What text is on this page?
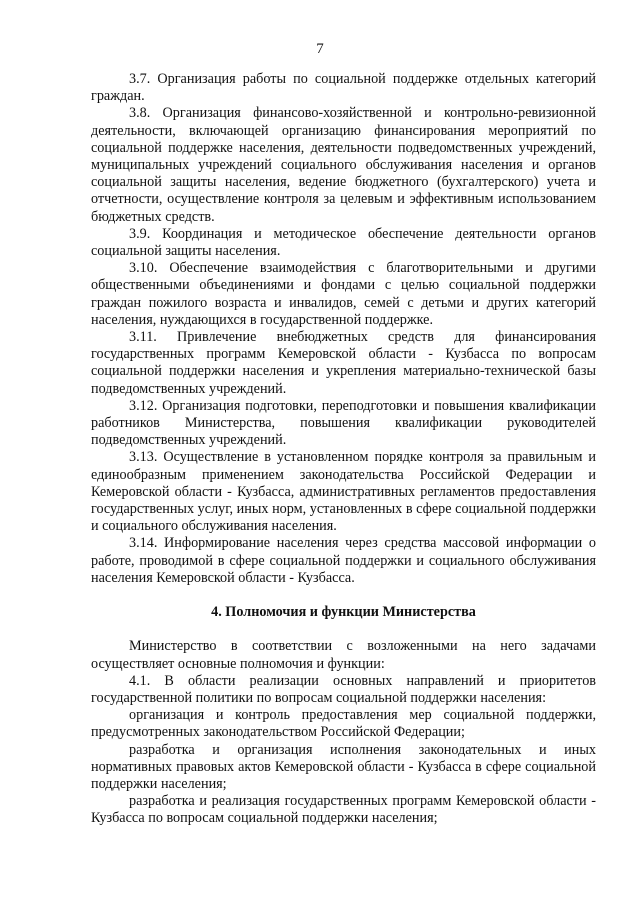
7

3.7. Организация работы по социальной поддержке отдельных категорий граждан.

3.8. Организация финансово-хозяйственной и контрольно-ревизионной деятельности, включающей организацию финансирования мероприятий по социальной поддержке населения, деятельности подведомственных учреждений, муниципальных учреждений социального обслуживания населения и органов социальной защиты населения, ведение бюджетного (бухгалтерского) учета и отчетности, осуществление контроля за целевым и эффективным использованием бюджетных средств.

3.9. Координация и методическое обеспечение деятельности органов социальной защиты населения.

3.10. Обеспечение взаимодействия с благотворительными и другими общественными объединениями и фондами с целью социальной поддержки граждан пожилого возраста и инвалидов, семей с детьми и других категорий населения, нуждающихся в государственной поддержке.

3.11. Привлечение внебюджетных средств для финансирования государственных программ Кемеровской области - Кузбасса по вопросам социальной поддержки населения и укрепления материально-технической базы подведомственных учреждений.

3.12. Организация подготовки, переподготовки и повышения квалификации работников Министерства, повышения квалификации руководителей подведомственных учреждений.

3.13. Осуществление в установленном порядке контроля за правильным и единообразным применением законодательства Российской Федерации и Кемеровской области - Кузбасса, административных регламентов предоставления государственных услуг, иных норм, установленных в сфере социальной поддержки и социального обслуживания населения.

3.14. Информирование населения через средства массовой информации о работе, проводимой в сфере социальной поддержки и социального обслуживания населения Кемеровской области - Кузбасса.

4. Полномочия и функции Министерства

Министерство в соответствии с возложенными на него задачами осуществляет основные полномочия и функции:

4.1. В области реализации основных направлений и приоритетов государственной политики по вопросам социальной поддержки населения:

организация и контроль предоставления мер социальной поддержки, предусмотренных законодательством Российской Федерации;

разработка и организация исполнения законодательных и иных нормативных правовых актов Кемеровской области - Кузбасса в сфере социальной поддержки населения;

разработка и реализация государственных программ Кемеровской области - Кузбасса по вопросам социальной поддержки населения;
